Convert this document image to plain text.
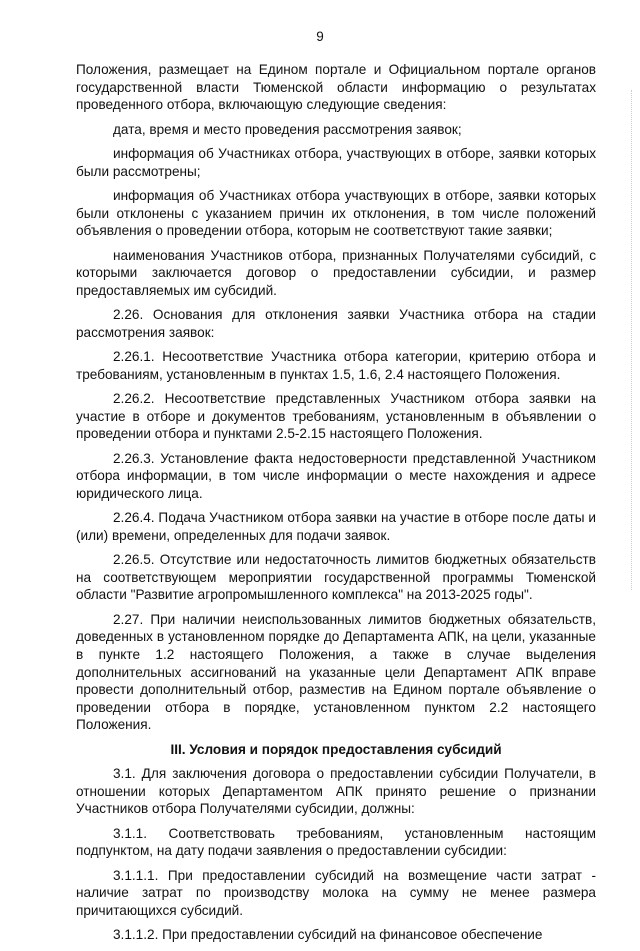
9

Положения, размещает на Едином портале и Официальном портале органов государственной власти Тюменской области информацию о результатах проведенного отбора, включающую следующие сведения:

дата, время и место проведения рассмотрения заявок;

информация об Участниках отбора, участвующих в отборе, заявки которых были рассмотрены;

информация об Участниках отбора участвующих в отборе, заявки которых были отклонены с указанием причин их отклонения, в том числе положений объявления о проведении отбора, которым не соответствуют такие заявки;

наименования Участников отбора, признанных Получателями субсидий, с которыми заключается договор о предоставлении субсидии, и размер предоставляемых им субсидий.

2.26. Основания для отклонения заявки Участника отбора на стадии рассмотрения заявок:

2.26.1. Несоответствие Участника отбора категории, критерию отбора и требованиям, установленным в пунктах 1.5, 1.6, 2.4 настоящего Положения.

2.26.2. Несоответствие представленных Участником отбора заявки на участие в отборе и документов требованиям, установленным в объявлении о проведении отбора и пунктами 2.5-2.15 настоящего Положения.

2.26.3. Установление факта недостоверности представленной Участником отбора информации, в том числе информации о месте нахождения и адресе юридического лица.

2.26.4. Подача Участником отбора заявки на участие в отборе после даты и (или) времени, определенных для подачи заявок.

2.26.5. Отсутствие или недостаточность лимитов бюджетных обязательств на соответствующем мероприятии государственной программы Тюменской области "Развитие агропромышленного комплекса" на 2013-2025 годы".

2.27. При наличии неиспользованных лимитов бюджетных обязательств, доведенных в установленном порядке до Департамента АПК, на цели, указанные в пункте 1.2 настоящего Положения, а также в случае выделения дополнительных ассигнований на указанные цели Департамент АПК вправе провести дополнительный отбор, разместив на Едином портале объявление о проведении отбора в порядке, установленном пунктом 2.2 настоящего Положения.

III. Условия и порядок предоставления субсидий

3.1. Для заключения договора о предоставлении субсидии Получатели, в отношении которых Департаментом АПК принято решение о признании Участников отбора Получателями субсидии, должны:

3.1.1. Соответствовать требованиям, установленным настоящим подпунктом, на дату подачи заявления о предоставлении субсидии:

3.1.1.1. При предоставлении субсидий на возмещение части затрат - наличие затрат по производству молока на сумму не менее размера причитающихся субсидий.

3.1.1.2. При предоставлении субсидий на финансовое обеспечение
